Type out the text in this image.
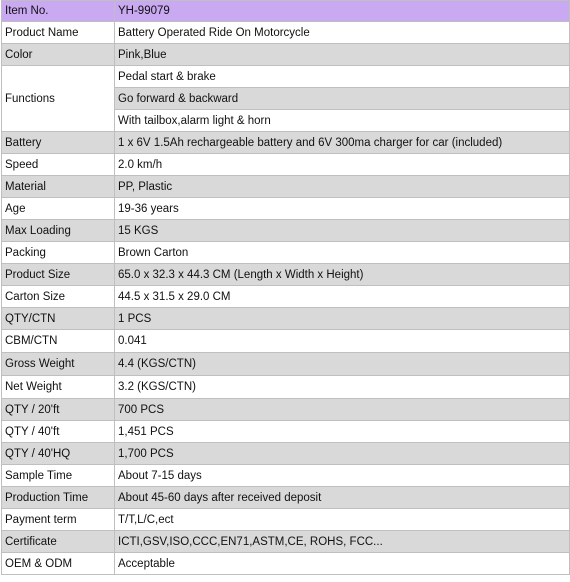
Item No.	YH-99079
Product Name	Battery Operated Ride On Motorcycle
Color	Pink,Blue
Functions	Pedal start & brake
	Go forward & backward
	With tailbox,alarm light & horn
Battery	1 x 6V 1.5Ah rechargeable battery and 6V 300ma charger for car (included)
Speed	2.0 km/h
Material	PP, Plastic
Age	19-36 years
Max Loading	15 KGS
Packing	Brown Carton
Product Size	65.0 x 32.3 x 44.3 CM (Length x Width x Height)
Carton Size	44.5 x 31.5 x 29.0 CM
QTY/CTN	1 PCS
CBM/CTN	0.041
Gross Weight	4.4 (KGS/CTN)
Net Weight	3.2 (KGS/CTN)
QTY / 20'ft	700 PCS
QTY / 40'ft	1,451 PCS
QTY / 40'HQ	1,700 PCS
Sample Time	About 7-15 days
Production Time	About 45-60 days after received deposit
Payment term	T/T,L/C,ect
Certificate	ICTI,GSV,ISO,CCC,EN71,ASTM,CE, ROHS, FCC...
OEM & ODM	Acceptable
